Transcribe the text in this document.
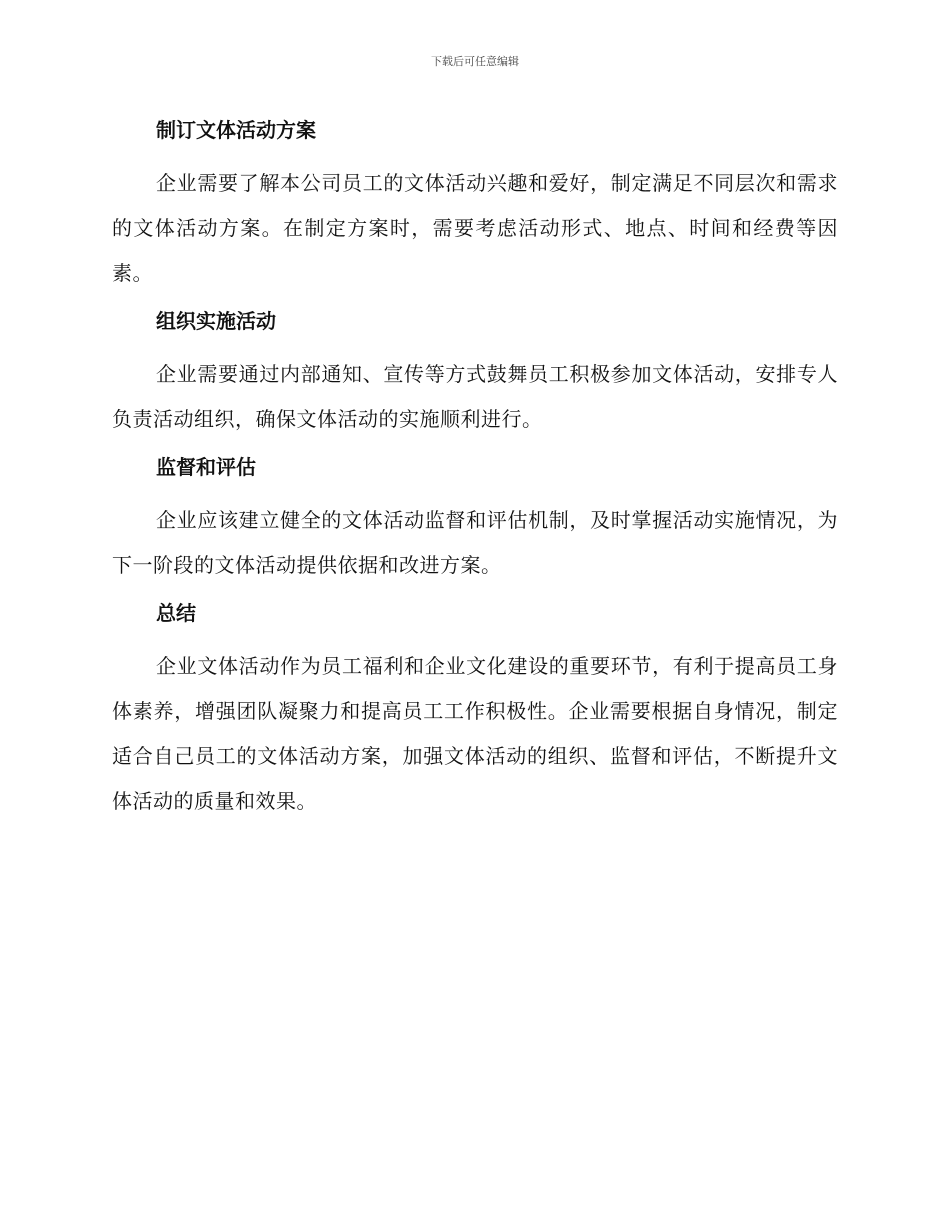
下载后可任意编辑
制订文体活动方案

企业需要了解本公司员工的文体活动兴趣和爱好，制定满足不同层次和需求的文体活动方案。在制定方案时，需要考虑活动形式、地点、时间和经费等因素。

组织实施活动

企业需要通过内部通知、宣传等方式鼓舞员工积极参加文体活动，安排专人负责活动组织，确保文体活动的实施顺利进行。

监督和评估

企业应该建立健全的文体活动监督和评估机制，及时掌握活动实施情况，为下一阶段的文体活动提供依据和改进方案。

总结

企业文体活动作为员工福利和企业文化建设的重要环节，有利于提高员工身体素养，增强团队凝聚力和提高员工工作积极性。企业需要根据自身情况，制定适合自己员工的文体活动方案，加强文体活动的组织、监督和评估，不断提升文体活动的质量和效果。
